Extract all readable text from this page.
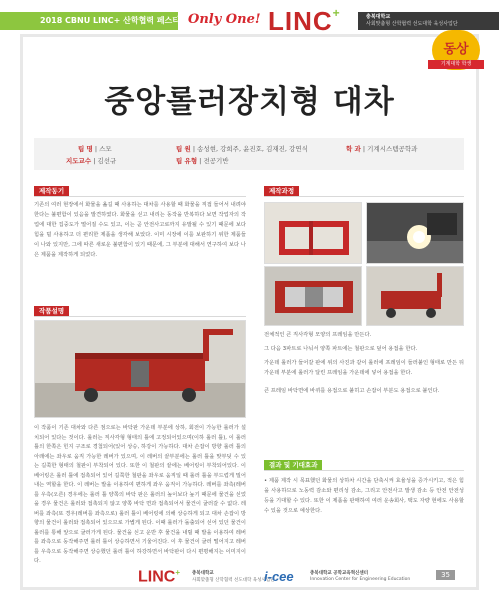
2018 CBNU LINC+ 산학협력 페스티벌 Only One! LINC+	충북대학교
사회맞춤형 산학협력 선도대학 육성사업단
동상
기계대학 학생
중앙롤러장치형 대차
팀 명 | 스모	팀 원 | 송성현, 강희주, 윤진호, 김재진, 강연식	학 과 | 기계시스템공학과
지도교수 | 김선규	팀 유형 | 전공기반
제작동기
기존의 여러 현장에서 화물을 옮길 때 사용하는 대차를 사용할 때 화물을 직접 들어서 내려야 한다는 불편함이 있음을 발견하였다. 화물을 싣고 내리는 동작을 반복하다 보면 작업자의 작업에 대한 집중도가 떨어질 수도 있고, 이는 곧 안전사고로까지 유발될 수 있기 때문에 보다 힘을 덜 사용하고 더 편리한 제품을 생각해 보았다. 이미 시장에 이를 보완하기 위한 제품들이 나와 있지만, 그에 따른 새로운 불편함이 있기 때문에, 그 부분에 대해서 연구하여 보다 나은 제품을 제작하게 되었다.
작품설명
이 작품이 기존 대차와 다른 점으로는 바닥판 가운데 부분에 상하, 회전이 가능한 롤러가 설치되어 있다는 것이다. 롤러는 직사각형 형태의 틀에 고정되어있으며(이하 롤러 틀), 이 롤러 틀의 한쪽은 힌지 구조로 경첩되어(있어 상승, 하강이 가능하다. 대차 손잡이 방향 롤러 틀의 아래에는 좌우로 움직 가능한 레버가 있으며, 이 레버의 끝부분에는 롤러 틀을 맞부딪 수 있는 길쭉한 형태의 철판이 부착되어 있다. 또한 이 철판의 끝에는 베어링이 부착되어있다. 이 베어링은 롤러 틀에 접촉되어 있어 길쭉한 철판을 좌우로 움직일 때 롤러 틀을 부드럽게 밀어내는 역할을 한다. 이 레버는 발을 이용하여 편하게 좌우 움직이 가능하다. 레버를 좌측(레버를 우측(오른) 경우에는 롤러 틀 양쪽의 바닥 판은 롤러의 높이보다 높기 때문에 물건을 싣었을 경우 물건은 롤러와 접촉되지 않고 양쪽 바닥 면과 접촉되어서 물건이 굴러갈 수 없다. 레버를 좌측(또 경우(레버를 좌측으로) 롤러 틀이 베어링에 의해 상승하게 되고 대차 손잡이 방향의 물건이 롤러와 접촉되어 있으므로 가볍게 된다. 이때 롤러가 돌출되어 싣어 있던 물건이 롤러를 통해 앞으로 굴러가게 된다. 물건을 싣고 운반 후 물건을 내릴 때 발을 이용하여 레버를 좌측으로 동작해주면 롤러 틀이 상승하면서 기울어진다. 이 후 물건이 굴러 떨어지고 레버를 우측으로 동작해주면 상승했던 롤러 틀이 하강하면서 바닥판이 다시 편평해지는 이미지이다.
제작과정
전체적인 큰 직사각형 모양의 프레임을 만든다.
그 다음 3파트로 나눠서 양쪽 파트에는 철판으로 덮어 용접을 한다.
가운데 롤러가 들어갈 판에 위의 사진과 같이 롤러에 프레임이 들러붙인 형태로 만든 뒤 가운데 부분에 롤러가 달린 프레임을 가운데에 넣어 용접을 한다.
큰 프레임 바닥면에 바퀴를 용접으로 붙히고 손잡이 부분도 용접으로 붙인다.
결과 및 기대효과
• 제품 제작 시 목표했던 화물의 상하차 시간을 단축시켜 효율성을 증가시키고, 적은 힘을 사용하므로 노동력 감소와 편리성 감소, 그리고 안전사고 발생 감소 등 안전 안전성 등을 기대할 수 있다. 또한 이 제품을 판매하여 여러 운송회사, 택도 자량 현에도 사용할 수 있을 것으로 예상한다.
LINC+	충북대학교
사회맞춤형 산학협력 선도대학 육성사업단
i-cee	충북대학교 공학교육혁신센터
Innovation Center for Engineering Education
35
